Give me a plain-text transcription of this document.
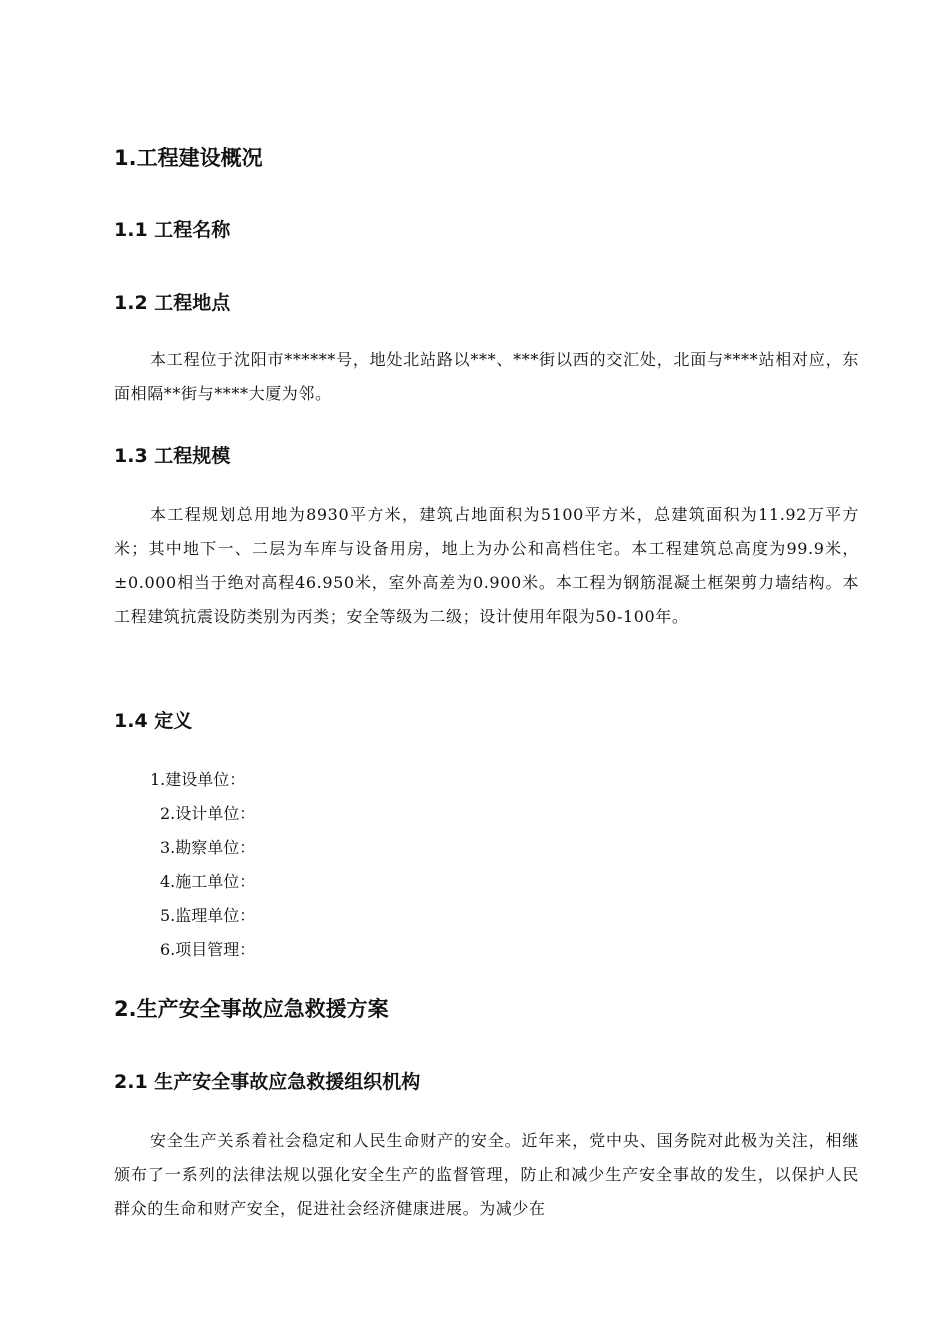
1.工程建设概况
1.1 工程名称
1.2 工程地点

本工程位于沈阳市******号，地处北站路以***、***街以西的交汇处，北面与****站相对应，东面相隔**街与****大厦为邻。

1.3 工程规模

本工程规划总用地为8930平方米，建筑占地面积为5100平方米，总建筑面积为11.92万平方米；其中地下一、二层为车库与设备用房，地上为办公和高档住宅。本工程建筑总高度为99.9米，±0.000相当于绝对高程46.950米，室外高差为0.900米。本工程为钢筋混凝土框架剪力墙结构。本工程建筑抗震设防类别为丙类；安全等级为二级；设计使用年限为50-100年。

1.4 定义
1.建设单位：
2.设计单位：
3.勘察单位：
4.施工单位：
5.监理单位：
6.项目管理：
2.生产安全事故应急救援方案
2.1 生产安全事故应急救援组织机构

安全生产关系着社会稳定和人民生命财产的安全。近年来，党中央、国务院对此极为关注，相继颁布了一系列的法律法规以强化安全生产的监督管理，防止和减少生产安全事故的发生，以保护人民群众的生命和财产安全，促进社会经济健康进展。为减少在
